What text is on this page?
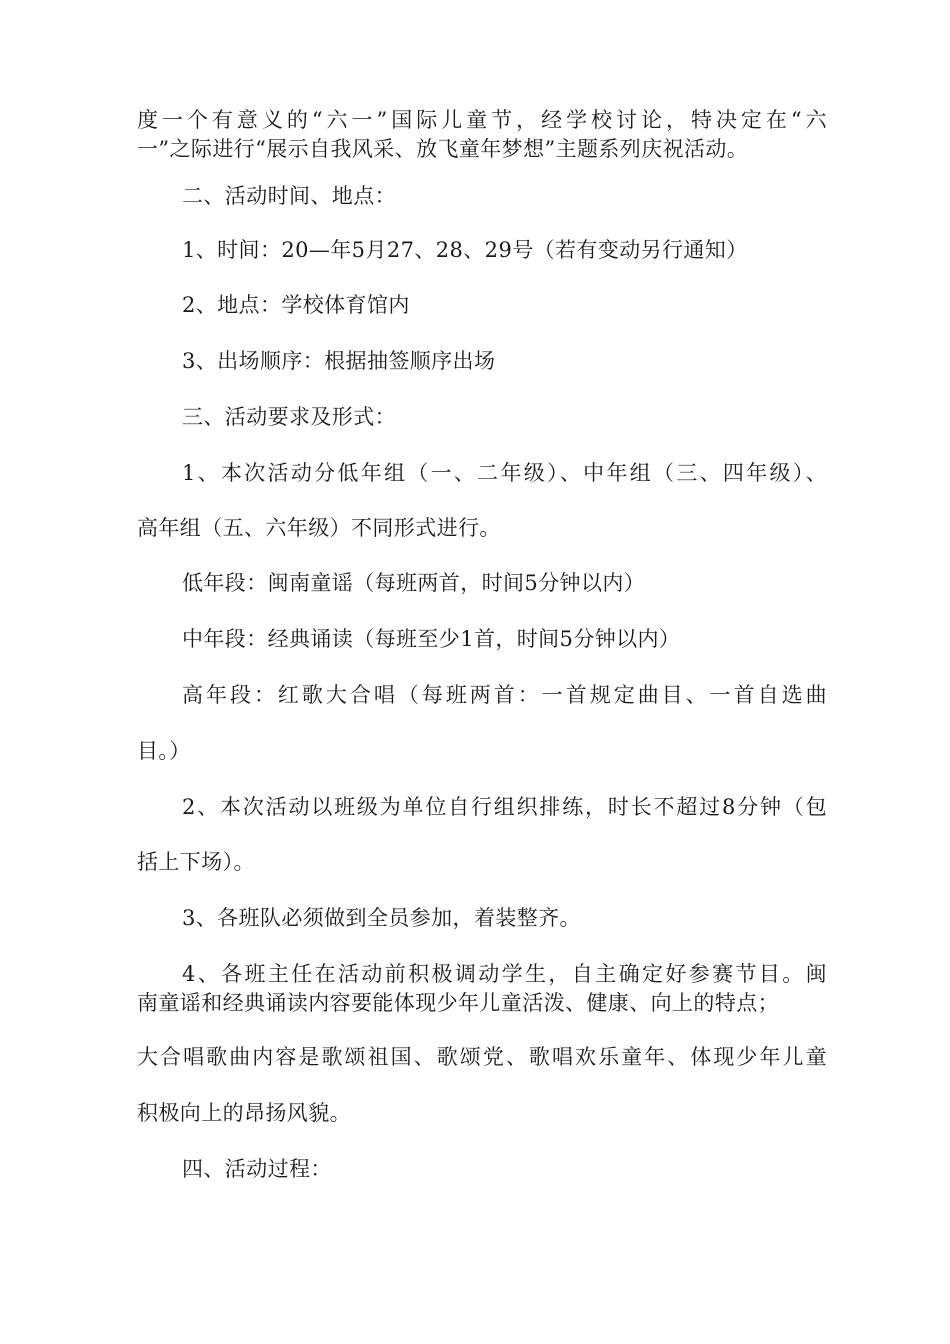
度一个有意义的“六一”国际儿童节，经学校讨论，特决定在“六
一”之际进行“展示自我风采、放飞童年梦想”主题系列庆祝活动。
二、活动时间、地点：
1、时间：20—年5月27、28、29号（若有变动另行通知）
2、地点：学校体育馆内
3、出场顺序：根据抽签顺序出场
三、活动要求及形式：
1、本次活动分低年组（一、二年级）、中年组（三、四年级）、
高年组（五、六年级）不同形式进行。
低年段：闽南童谣（每班两首，时间5分钟以内）
中年段：经典诵读（每班至少1首，时间5分钟以内）
高年段：红歌大合唱（每班两首：一首规定曲目、一首自选曲
目。）
2、本次活动以班级为单位自行组织排练，时长不超过8分钟（包
括上下场）。
3、各班队必须做到全员参加，着装整齐。
4、各班主任在活动前积极调动学生，自主确定好参赛节目。闽
南童谣和经典诵读内容要能体现少年儿童活泼、健康、向上的特点；
大合唱歌曲内容是歌颂祖国、歌颂党、歌唱欢乐童年、体现少年儿童
积极向上的昂扬风貌。
四、活动过程：
